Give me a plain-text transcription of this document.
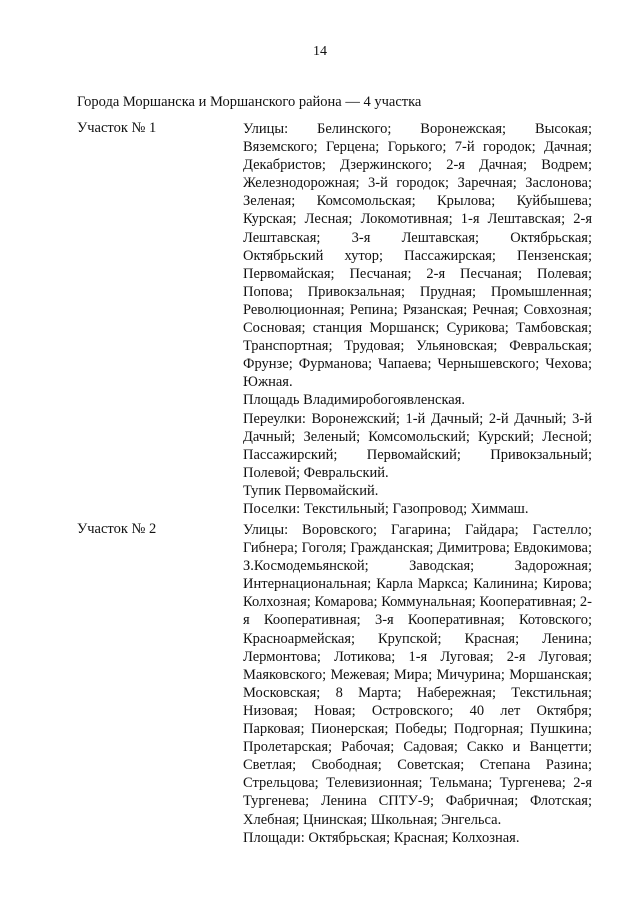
14
Города Моршанска и Моршанского района — 4 участка
Участок № 1	Улицы: Белинского; Воронежская; Высокая; Вяземского; Герцена; Горького; 7-й городок; Дачная; Декабристов; Дзержинского; 2-я Дачная; Водрем; Железнодорожная; 3-й городок; Заречная; Заслонова; Зеленая; Комсомольская; Крылова; Куйбышева; Курская; Лесная; Локомотивная; 1-я Лештавская; 2-я Лештавская; 3-я Лештавская; Октябрьская; Октябрьский хутор; Пассажирская; Пензенская; Первомайская; Песчаная; 2-я Песчаная; Полевая; Попова; Привокзальная; Прудная; Промышленная; Революционная; Репина; Рязанская; Речная; Совхозная; Сосновая; станция Моршанск; Сурикова; Тамбовская; Транспортная; Трудовая; Ульяновская; Февральская; Фрунзе; Фурманова; Чапаева; Чернышевского; Чехова; Южная.

Площадь Владимиробогоявленская.

Переулки: Воронежский; 1-й Дачный; 2-й Дачный; 3-й Дачный; Зеленый; Комсомольский; Курский; Лесной; Пассажирский; Первомайский; Привокзальный; Полевой; Февральский.

Тупик Первомайский.

Поселки: Текстильный; Газопровод; Химмаш.

Участок № 2	Улицы: Воровского; Гагарина; Гайдара; Гастелло; Гибнера; Гоголя; Гражданская; Димитрова; Евдокимова; З.Космодемьянской; Заводская; Задорожная; Интернациональная; Карла Маркса; Калинина; Кирова; Колхозная; Комарова; Коммунальная; Кооперативная; 2-я Кооперативная; 3-я Кооперативная; Котовского; Красноармейская; Крупской; Красная; Ленина; Лермонтова; Лотикова; 1-я Луговая; 2-я Луговая; Маяковского; Межевая; Мира; Мичурина; Моршанская; Московская; 8 Марта; Набережная; Текстильная; Низовая; Новая; Островского; 40 лет Октября; Парковая; Пионерская; Победы; Подгорная; Пушкина; Пролетарская; Рабочая; Садовая; Сакко и Ванцетти; Светлая; Свободная; Советская; Степана Разина; Стрельцова; Телевизионная; Тельмана; Тургенева; 2-я Тургенева; Ленина СПТУ-9; Фабричная; Флотская; Хлебная; Цнинская; Школьная; Энгельса.

Площади: Октябрьская; Красная; Колхозная.
